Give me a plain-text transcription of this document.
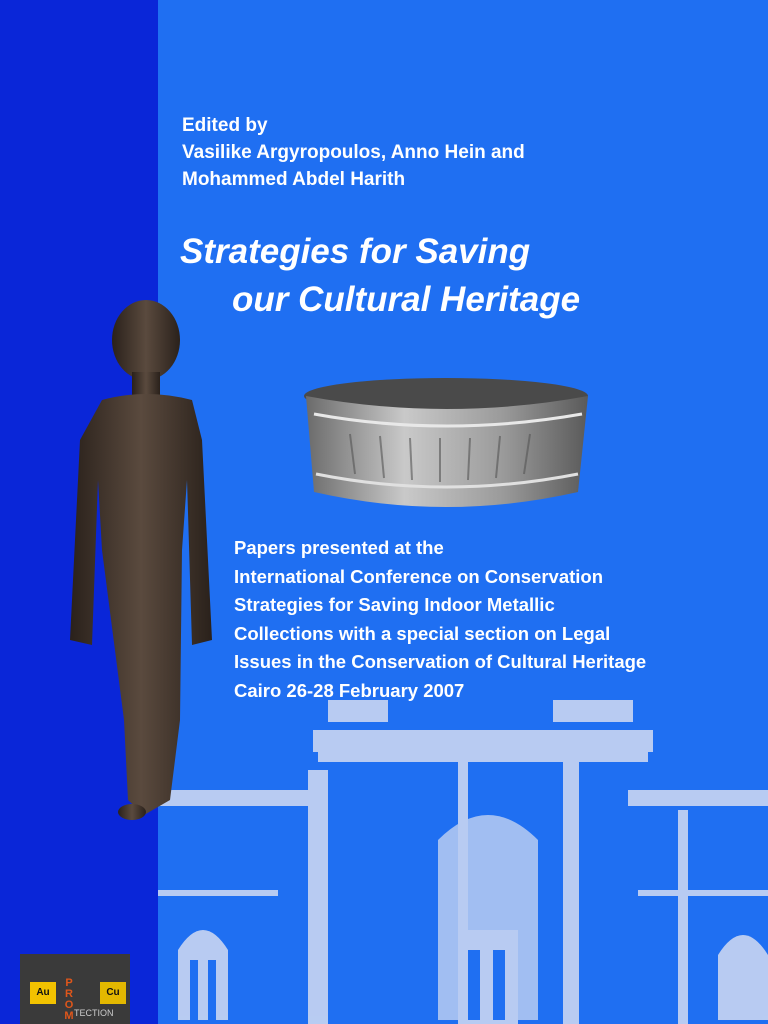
Edited by
Vasilike Argyropoulos, Anno Hein and
Mohammed Abdel Harith
Strategies for Saving
our Cultural Heritage
Papers presented at the
International Conference on Conservation
Strategies for Saving Indoor Metallic
Collections with a special section on Legal
Issues in the Conservation of Cultural Heritage
Cairo 26-28 February 2007
Au
P
R
O
M
Cu
TECTION
